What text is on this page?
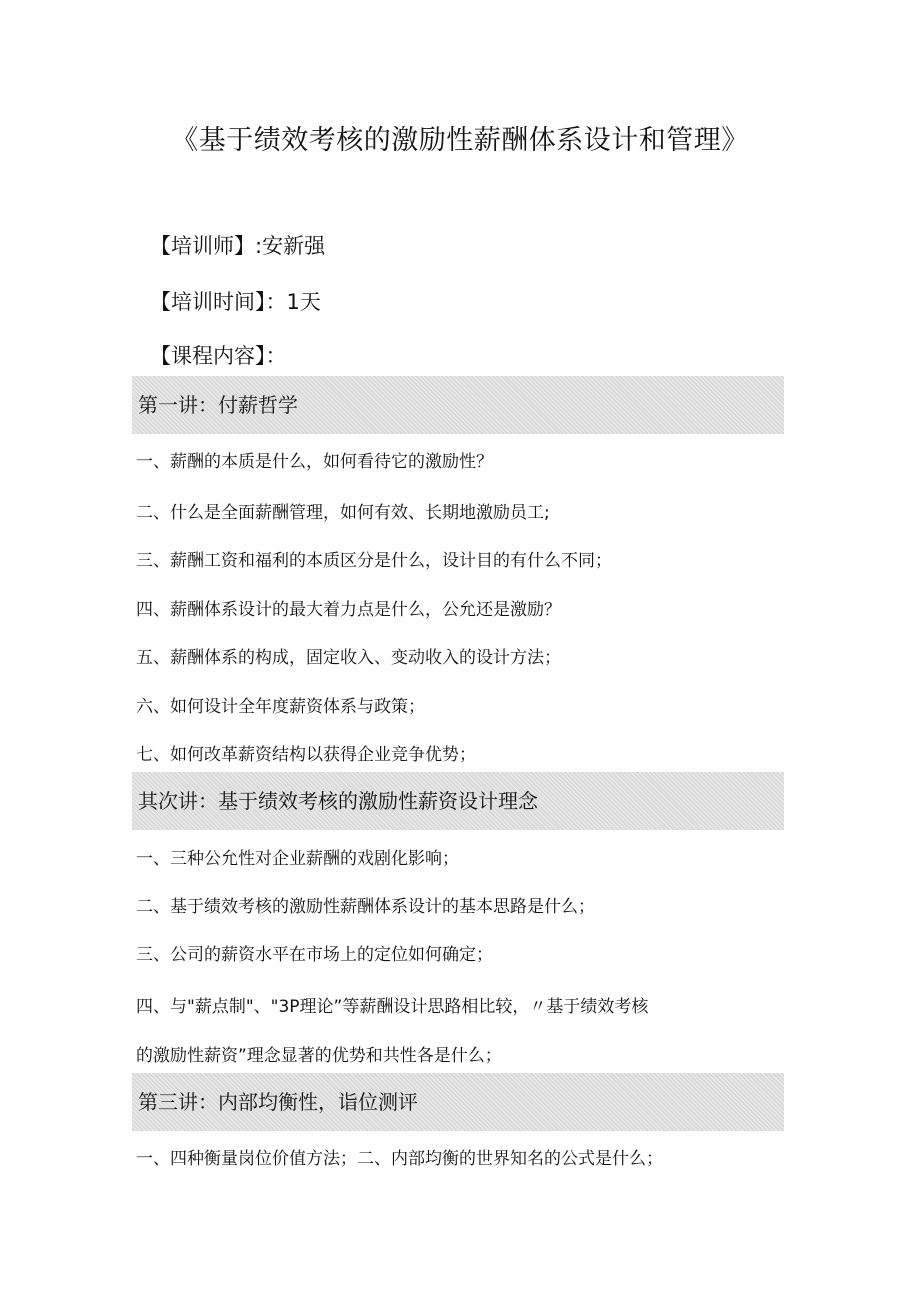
《基于绩效考核的激励性薪酬体系设计和管理》
【培训师】:安新强
【培训时间】：1天
【课程内容】：
第一讲：付薪哲学
一、薪酬的本质是什么，如何看待它的激励性？
二、什么是全面薪酬管理，如何有效、长期地激励员工;
三、薪酬工资和福利的本质区分是什么，设计目的有什么不同；
四、薪酬体系设计的最大着力点是什么，公允还是激励？
五、薪酬体系的构成，固定收入、变动收入的设计方法；
六、如何设计全年度薪资体系与政策；
七、如何改革薪资结构以获得企业竞争优势；
其次讲：基于绩效考核的激励性薪资设计理念
一、三种公允性对企业薪酬的戏剧化影响；
二、基于绩效考核的激励性薪酬体系设计的基本思路是什么；
三、公司的薪资水平在市场上的定位如何确定；
四、与"薪点制"、"3P理论”等薪酬设计思路相比较，〃基于绩效考核
的激励性薪资”理念显著的优势和共性各是什么；
第三讲：内部均衡性，诣位测评
一、四种衡量岗位价值方法；二、内部均衡的世界知名的公式是什么；
